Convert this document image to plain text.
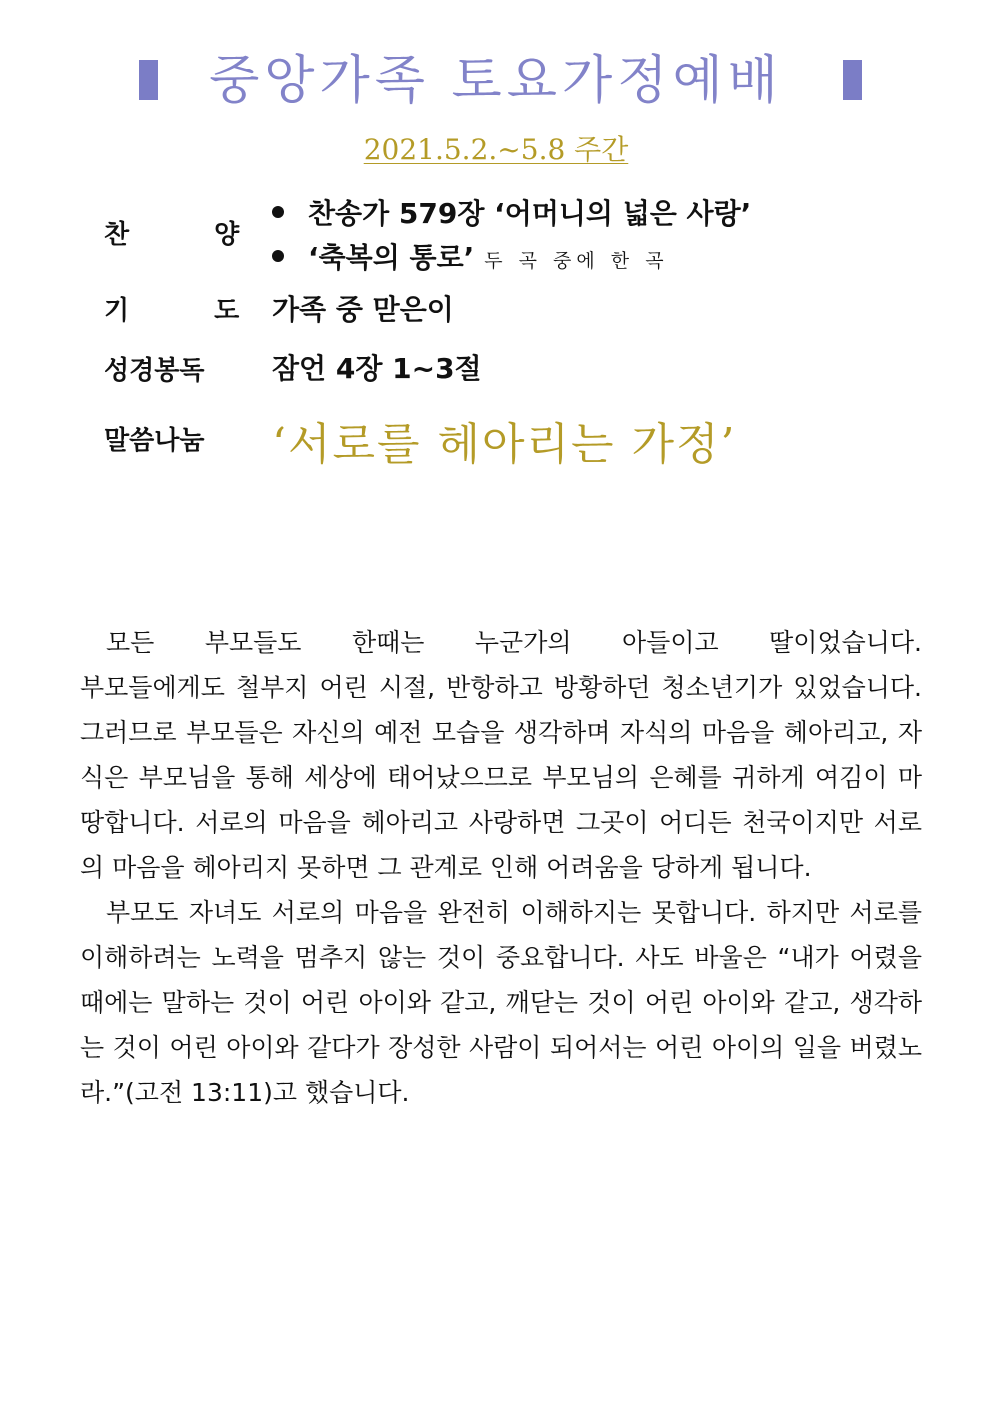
중앙가족 토요가정예배
2021.5.2.~5.8 주간
찬 양
찬송가 579장 ‘어머니의 넓은 사랑’
‘축복의 통로’ 두 곡 중에 한 곡
기 도
가족 중 맏은이
성경봉독 잠언 4장 1~3절
말씀나눔 ‘서로를 헤아리는 가정’

모든 부모들도 한때는 누군가의 아들이고 딸이었습니다.

부모들에게도 철부지 어린 시절, 반항하고 방황하던 청소년기가 있었습니다. 그러므로 부모들은 자신의 예전 모습을 생각하며 자식의 마음을 헤아리고, 자식은 부모님을 통해 세상에 태어났으므로 부모님의 은혜를 귀하게 여김이 마땅합니다. 서로의 마음을 헤아리고 사랑하면 그곳이 어디든 천국이지만 서로의 마음을 헤아리지 못하면 그 관계로 인해 어려움을 당하게 됩니다.

부모도 자녀도 서로의 마음을 완전히 이해하지는 못합니다. 하지만 서로를 이해하려는 노력을 멈추지 않는 것이 중요합니다. 사도 바울은 “내가 어렸을 때에는 말하는 것이 어린 아이와 같고, 깨닫는 것이 어린 아이와 같고, 생각하는 것이 어린 아이와 같다가 장성한 사람이 되어서는 어린 아이의 일을 버렸노라.”(고전 13:11)고 했습니다.
